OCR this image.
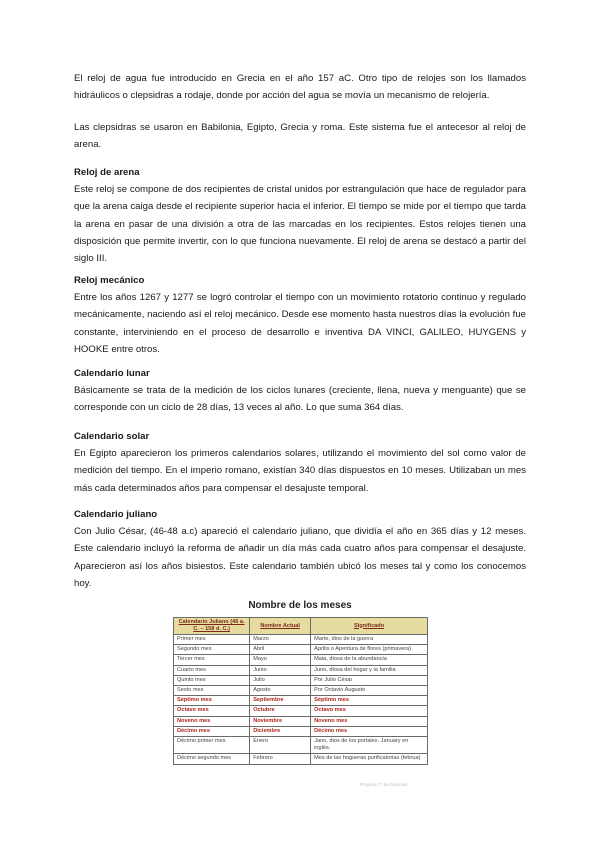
El reloj de agua fue introducido en Grecia en el año 157 aC. Otro tipo de relojes son los llamados hidráulicos o clepsidras a rodaje, donde por acción del agua se movía un mecanismo de relojería.
Las clepsidras se usaron en Babilonia, Egipto, Grecia y roma. Este sistema fue el antecesor al reloj de arena.
Reloj de arena
Este reloj se compone de dos recipientes de cristal unidos por estrangulación que hace de regulador para que la arena caiga desde el recipiente superior hacia el inferior. El tiempo se mide por el tiempo que tarda la arena en pasar de una división a otra de las marcadas en los recipientes. Estos relojes tienen una disposición que permite invertir, con lo que funciona nuevamente. El reloj de arena se destacó a partir del siglo III.
Reloj mecánico
Entre los años 1267 y 1277 se logró controlar el tiempo con un movimiento rotatorio continuo y regulado mecánicamente, naciendo así el reloj mecánico. Desde ese momento hasta nuestros días la evolución fue constante, interviniendo en el proceso de desarrollo e inventiva DA VINCI, GALILEO, HUYGENS y HOOKE entre otros.
Calendario lunar
Básicamente se trata de la medición de los ciclos lunares (creciente, llena, nueva y menguante) que se corresponde con un ciclo de 28 días, 13 veces al año. Lo que suma 364 días.
Calendario solar
En Egipto aparecieron los primeros calendarios solares, utilizando el movimiento del sol como valor de medición del tiempo. En el imperio romano, existían 340 días dispuestos en 10 meses. Utilizaban un mes más cada determinados años para compensar el desajuste temporal.
Calendario juliano
Con Julio César, (46-48 a.c) apareció el calendario juliano, que dividía el año en 365 días y 12 meses. Este calendario incluyó la reforma de añadir un día más cada cuatro años para compensar el desajuste. Aparecieron así los años bisiestos. Este calendario también ubicó los meses tal y como los conocemos hoy.
Nombre de los meses
Calendario Juliano (46 a. C. – 158 d. C.)	Nombre Actual	Significado
Primer mes	Marzo	Marte, dios de la guerra
Segundo mes	Abril	Aprilis o Aperitura de flores (primavera)
Tercer mes	Mayo	Maia, diosa de la abundancia
Cuarto mes	Junio	Juno, diosa del hogar y la familia
Quinto mes	Julio	Por Julio César
Sexto mes	Agosto	Por Octavio Augusto
Séptimo mes	Septiembre	Séptimo mes
Octavo mes	Octubre	Octavo mes
Noveno mes	Noviembre	Noveno mes
Décimo mes	Diciembre	Décimo mes
Décimo primer mes	Enero	Jano, dios de los portales. January en inglés.
Décimo segundo mes	Febrero	Mes de las hogueras purificatorias (februa)
Proyecto T. de Ciencias
